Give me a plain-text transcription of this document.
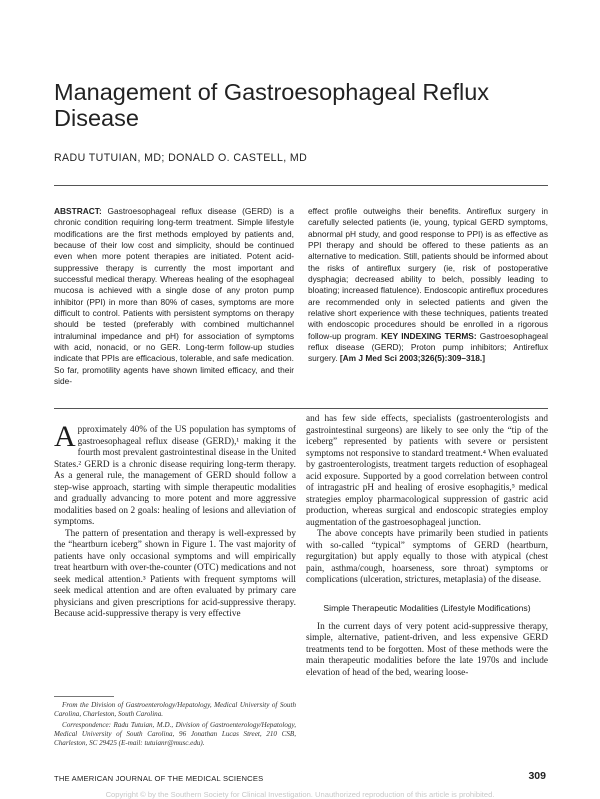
Management of Gastroesophageal Reflux Disease
RADU TUTUIAN, MD; DONALD O. CASTELL, MD
ABSTRACT: Gastroesophageal reflux disease (GERD) is a chronic condition requiring long-term treatment. Simple lifestyle modifications are the first methods employed by patients and, because of their low cost and simplicity, should be continued even when more potent therapies are initiated. Potent acid-suppressive therapy is currently the most important and successful medical therapy. Whereas healing of the esophageal mucosa is achieved with a single dose of any proton pump inhibitor (PPI) in more than 80% of cases, symptoms are more difficult to control. Patients with persistent symptoms on therapy should be tested (preferably with combined multichannel intraluminal impedance and pH) for association of symptoms with acid, nonacid, or no GER. Long-term follow-up studies indicate that PPIs are efficacious, tolerable, and safe medication. So far, promotility agents have shown limited efficacy, and their side-
effect profile outweighs their benefits. Antireflux surgery in carefully selected patients (ie, young, typical GERD symptoms, abnormal pH study, and good response to PPI) is as effective as PPI therapy and should be offered to these patients as an alternative to medication. Still, patients should be informed about the risks of antireflux surgery (ie, risk of postoperative dysphagia; decreased ability to belch, possibly leading to bloating; increased flatulence). Endoscopic antireflux procedures are recommended only in selected patients and given the relative short experience with these techniques, patients treated with endoscopic procedures should be enrolled in a rigorous follow-up program. KEY INDEXING TERMS: Gastroesophageal reflux disease (GERD); Proton pump inhibitors; Antireflux surgery. [Am J Med Sci 2003;326(5):309–318.]

Approximately 40% of the US population has symptoms of gastroesophageal reflux disease (GERD),¹ making it the fourth most prevalent gastrointestinal disease in the United States.² GERD is a chronic disease requiring long-term therapy. As a general rule, the management of GERD should follow a step-wise approach, starting with simple therapeutic modalities and gradually advancing to more potent and more aggressive modalities based on 2 goals: healing of lesions and alleviation of symptoms.

The pattern of presentation and therapy is well-expressed by the “heartburn iceberg” shown in Figure 1. The vast majority of patients have only occasional symptoms and will empirically treat heartburn with over-the-counter (OTC) medications and not seek medical attention.³ Patients with frequent symptoms will seek medical attention and are often evaluated by primary care physicians and given prescriptions for acid-suppressive therapy. Because acid-suppressive therapy is very effective

and has few side effects, specialists (gastroenterologists and gastrointestinal surgeons) are likely to see only the “tip of the iceberg” represented by patients with severe or persistent symptoms not responsive to standard treatment.⁴ When evaluated by gastroenterologists, treatment targets reduction of esophageal acid exposure. Supported by a good correlation between control of intragastric pH and healing of erosive esophagitis,⁵ medical strategies employ pharmacological suppression of gastric acid production, whereas surgical and endoscopic strategies employ augmentation of the gastroesophageal junction.

The above concepts have primarily been studied in patients with so-called “typical” symptoms of GERD (heartburn, regurgitation) but apply equally to those with atypical (chest pain, asthma/cough, hoarseness, sore throat) symptoms or complications (ulceration, strictures, metaplasia) of the disease.

Simple Therapeutic Modalities (Lifestyle Modifications)

In the current days of very potent acid-suppressive therapy, simple, alternative, patient-driven, and less expensive GERD treatments tend to be forgotten. Most of these methods were the main therapeutic modalities before the late 1970s and include elevation of head of the bed, wearing loose-

From the Division of Gastroenterology/Hepatology, Medical University of South Carolina, Charleston, South Carolina.

Correspondence: Radu Tutuian, M.D., Division of Gastroenterology/Hepatology, Medical University of South Carolina, 96 Jonathan Lucas Street, 210 CSB, Charleston, SC 29425 (E-mail: tutuianr@musc.edu).

THE AMERICAN JOURNAL OF THE MEDICAL SCIENCES	309
Copyright © by the Southern Society for Clinical Investigation. Unauthorized reproduction of this article is prohibited.
